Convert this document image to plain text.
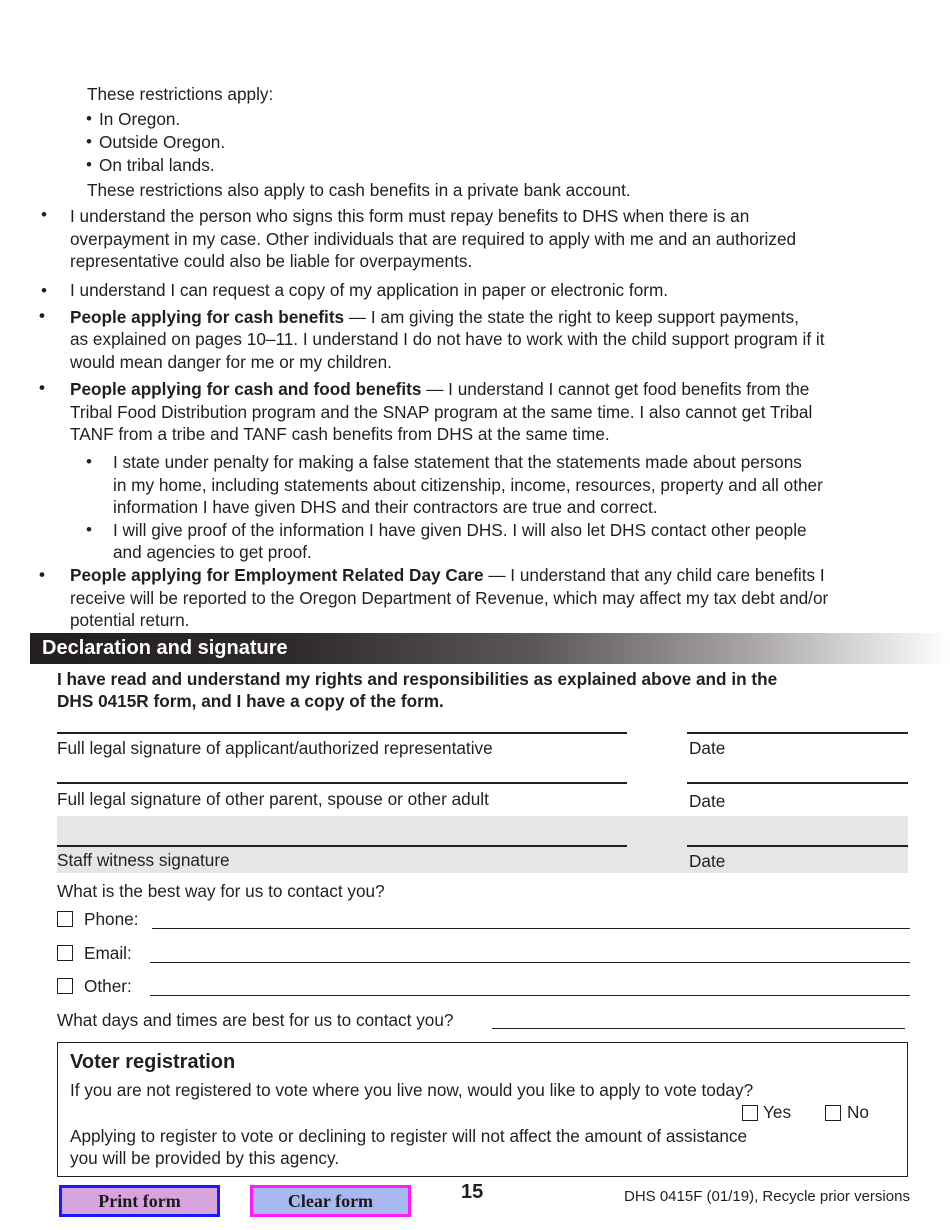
These restrictions apply:
• In Oregon.
• Outside Oregon.
• On tribal lands.
These restrictions also apply to cash benefits in a private bank account.
• I understand the person who signs this form must repay benefits to DHS when there is an
overpayment in my case. Other individuals that are required to apply with me and an authorized
representative could also be liable for overpayments.
• I understand I can request a copy of my application in paper or electronic form.
• People applying for cash benefits — I am giving the state the right to keep support payments,
as explained on pages 10–11. I understand I do not have to work with the child support program if it
would mean danger for me or my children.
• People applying for cash and food benefits — I understand I cannot get food benefits from the
Tribal Food Distribution program and the SNAP program at the same time. I also cannot get Tribal
TANF from a tribe and TANF cash benefits from DHS at the same time.
• I state under penalty for making a false statement that the statements made about persons
in my home, including statements about citizenship, income, resources, property and all other
information I have given DHS and their contractors are true and correct.
• I will give proof of the information I have given DHS. I will also let DHS contact other people
and agencies to get proof.
• People applying for Employment Related Day Care — I understand that any child care benefits I
receive will be reported to the Oregon Department of Revenue, which may affect my tax debt and/or
potential return.
Declaration and signature
I have read and understand my rights and responsibilities as explained above and in the
DHS 0415R form, and I have a copy of the form.
Full legal signature of applicant/authorized representative	Date
Full legal signature of other parent, spouse or other adult	Date
Staff witness signature	Date
What is the best way for us to contact you?
Phone:
Email:
Other:
What days and times are best for us to contact you?
Voter registration
If you are not registered to vote where you live now, would you like to apply to vote today?
Yes	No
Applying to register to vote or declining to register will not affect the amount of assistance
you will be provided by this agency.
Print form	Clear form	15	DHS 0415F (01/19), Recycle prior versions
